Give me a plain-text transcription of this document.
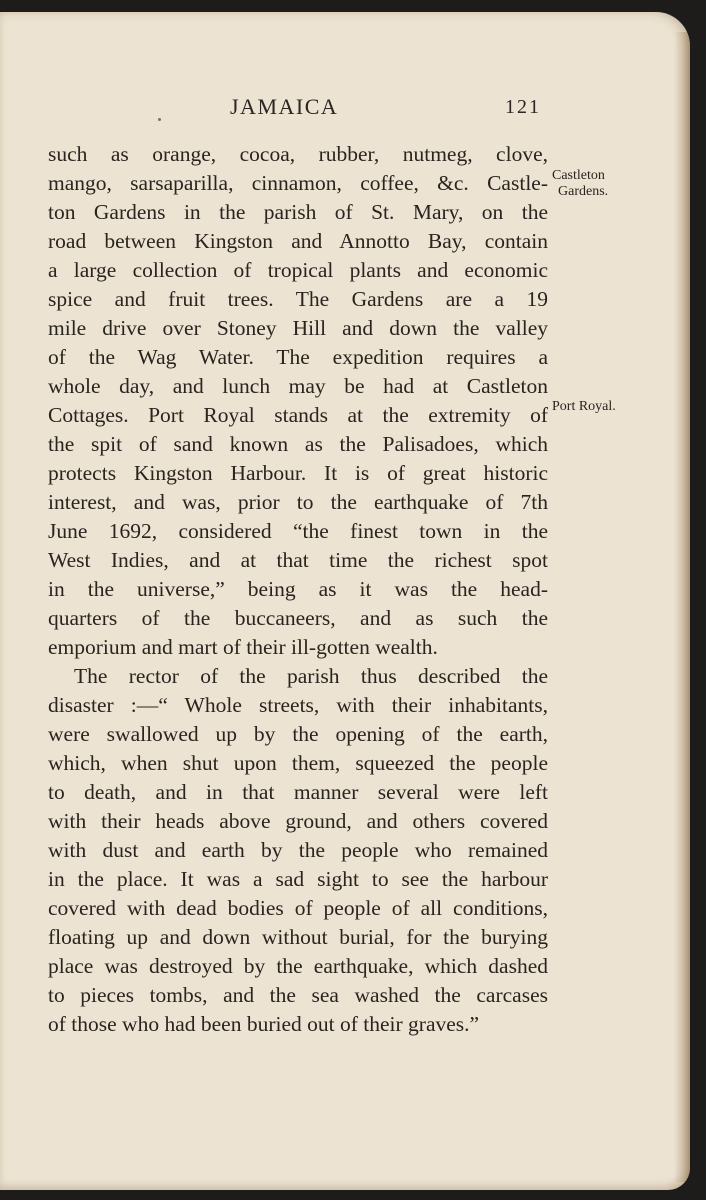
JAMAICA	121
Castleton
Gardens.
Port Royal.
such as orange, cocoa, rubber, nutmeg, clove,
mango, sarsaparilla, cinnamon, coffee, &c. Castle-
ton Gardens in the parish of St. Mary, on the
road between Kingston and Annotto Bay, contain
a large collection of tropical plants and economic
spice and fruit trees. The Gardens are a 19
mile drive over Stoney Hill and down the valley
of the Wag Water. The expedition requires a
whole day, and lunch may be had at Castleton
Cottages. Port Royal stands at the extremity of
the spit of sand known as the Palisadoes, which
protects Kingston Harbour. It is of great historic
interest, and was, prior to the earthquake of 7th
June 1692, considered “the finest town in the
West Indies, and at that time the richest spot
in the universe,” being as it was the head-
quarters of the buccaneers, and as such the
emporium and mart of their ill-gotten wealth.
The rector of the parish thus described the
disaster :—“ Whole streets, with their inhabitants,
were swallowed up by the opening of the earth,
which, when shut upon them, squeezed the people
to death, and in that manner several were left
with their heads above ground, and others covered
with dust and earth by the people who remained
in the place. It was a sad sight to see the harbour
covered with dead bodies of people of all conditions,
floating up and down without burial, for the burying
place was destroyed by the earthquake, which dashed
to pieces tombs, and the sea washed the carcases
of those who had been buried out of their graves.”
